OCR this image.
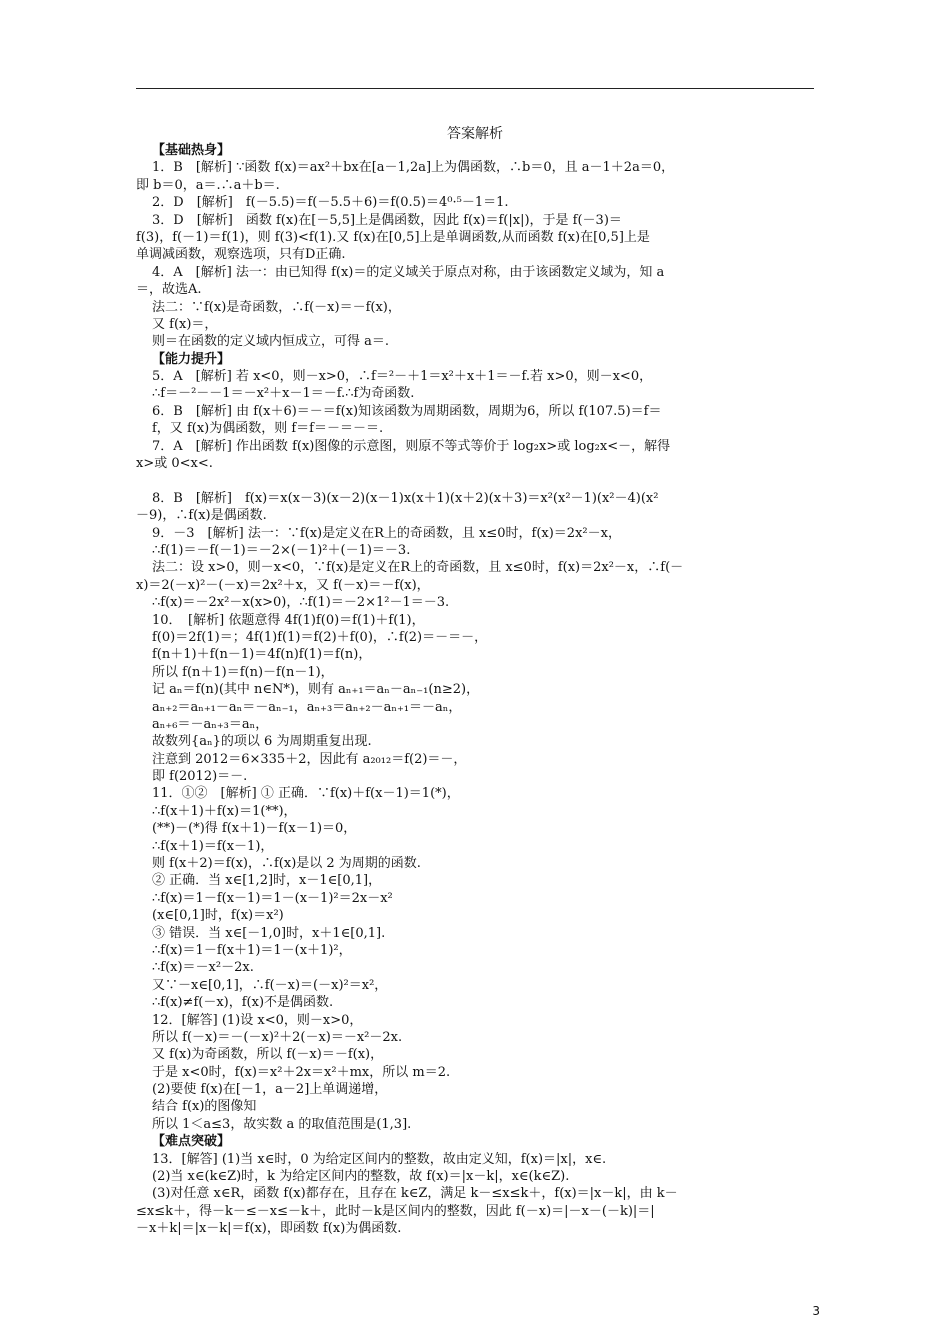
答案解析
【基础热身】
1．B　[解析] ∵函数 f(x)＝ax²＋bx在[a－1,2a]上为偶函数，∴b＝0，且 a－1＋2a＝0，
即 b＝0，a＝.∴a＋b＝.
2．D　[解析]　f(－5.5)＝f(－5.5＋6)＝f(0.5)＝4⁰·⁵－1＝1.
3．D　[解析]　函数 f(x)在[－5,5]上是偶函数，因此 f(x)＝f(|x|)，于是 f(－3)＝
f(3)，f(－1)＝f(1)，则 f(3)<f(1).又 f(x)在[0,5]上是单调函数,从而函数 f(x)在[0,5]上是
单调减函数，观察选项，只有D正确.
4．A　[解析] 法一：由已知得 f(x)＝的定义域关于原点对称，由于该函数定义域为，知 a
＝，故选A.
法二：∵f(x)是奇函数，∴f(－x)＝－f(x)，
又 f(x)＝，
则＝在函数的定义域内恒成立，可得 a＝.
【能力提升】
5．A　[解析] 若 x<0，则－x>0，∴f＝²－＋1＝x²＋x＋1＝－f.若 x>0，则－x<0，
∴f＝－²－－1＝－x²＋x－1＝－f.∴f为奇函数.
6．B　[解析] 由 f(x＋6)＝－＝f(x)知该函数为周期函数，周期为6，所以 f(107.5)＝f＝
f，又 f(x)为偶函数，则 f＝f＝－＝－＝.
7．A　[解析] 作出函数 f(x)图像的示意图，则原不等式等价于 log₂x>或 log₂x<－，解得
x>或 0<x<.
8．B　[解析]　f(x)＝x(x－3)(x－2)(x－1)x(x＋1)(x＋2)(x＋3)＝x²(x²－1)(x²－4)(x²
－9)，∴f(x)是偶函数.
9．－3　[解析] 法一：∵f(x)是定义在R上的奇函数，且 x≤0时，f(x)＝2x²－x，
∴f(1)＝－f(－1)＝－2×(－1)²＋(－1)＝－3.
法二：设 x>0，则－x<0，∵f(x)是定义在R上的奇函数，且 x≤0时，f(x)＝2x²－x，∴f(－
x)＝2(－x)²－(－x)＝2x²＋x，又 f(－x)＝－f(x)，
∴f(x)＝－2x²－x(x>0)，∴f(1)＝－2×1²－1＝－3.
10．　[解析] 依题意得 4f(1)f(0)＝f(1)＋f(1)，
f(0)＝2f(1)＝；4f(1)f(1)＝f(2)＋f(0)，∴f(2)＝－＝－，
f(n＋1)＋f(n－1)＝4f(n)f(1)＝f(n)，
所以 f(n＋1)＝f(n)－f(n－1)，
记 aₙ＝f(n)(其中 n∈N*)，则有 aₙ₊₁＝aₙ－aₙ₋₁(n≥2)，
aₙ₊₂＝aₙ₊₁－aₙ＝－aₙ₋₁，aₙ₊₃＝aₙ₊₂－aₙ₊₁＝－aₙ，
aₙ₊₆＝－aₙ₊₃＝aₙ，
故数列{aₙ}的项以 6 为周期重复出现.
注意到 2012＝6×335＋2，因此有 a₂₀₁₂＝f(2)＝－，
即 f(2012)＝－.
11．①②　[解析] ① 正确．∵f(x)＋f(x－1)＝1(*)，
∴f(x＋1)＋f(x)＝1(**)，
(**)－(*)得 f(x＋1)－f(x－1)＝0，
∴f(x＋1)＝f(x－1)，
则 f(x＋2)＝f(x)，∴f(x)是以 2 为周期的函数.
② 正确．当 x∈[1,2]时，x－1∈[0,1]，
∴f(x)＝1－f(x－1)＝1－(x－1)²＝2x－x²
(x∈[0,1]时，f(x)＝x²)
③ 错误．当 x∈[－1,0]时，x＋1∈[0,1].
∴f(x)＝1－f(x＋1)＝1－(x＋1)²，
∴f(x)＝－x²－2x.
又∵－x∈[0,1]，∴f(－x)＝(－x)²＝x²，
∴f(x)≠f(－x)，f(x)不是偶函数.
12．[解答] (1)设 x<0，则－x>0，
所以 f(－x)＝－(－x)²＋2(－x)＝－x²－2x.
又 f(x)为奇函数，所以 f(－x)＝－f(x)，
于是 x<0时，f(x)＝x²＋2x＝x²＋mx，所以 m＝2.
(2)要使 f(x)在[－1，a－2]上单调递增，
结合 f(x)的图像知
所以 1＜a≤3，故实数 a 的取值范围是(1,3].
【难点突破】
13．[解答] (1)当 x∈时，0 为给定区间内的整数，故由定义知，f(x)＝|x|，x∈.
(2)当 x∈(k∈Z)时，k 为给定区间内的整数，故 f(x)＝|x－k|，x∈(k∈Z).
(3)对任意 x∈R，函数 f(x)都存在，且存在 k∈Z，满足 k－≤x≤k＋，f(x)＝|x－k|，由 k－
≤x≤k＋，得－k－≤－x≤－k＋，此时－k是区间内的整数，因此 f(－x)＝|－x－(－k)|＝|
－x＋k|＝|x－k|＝f(x)，即函数 f(x)为偶函数.
3
